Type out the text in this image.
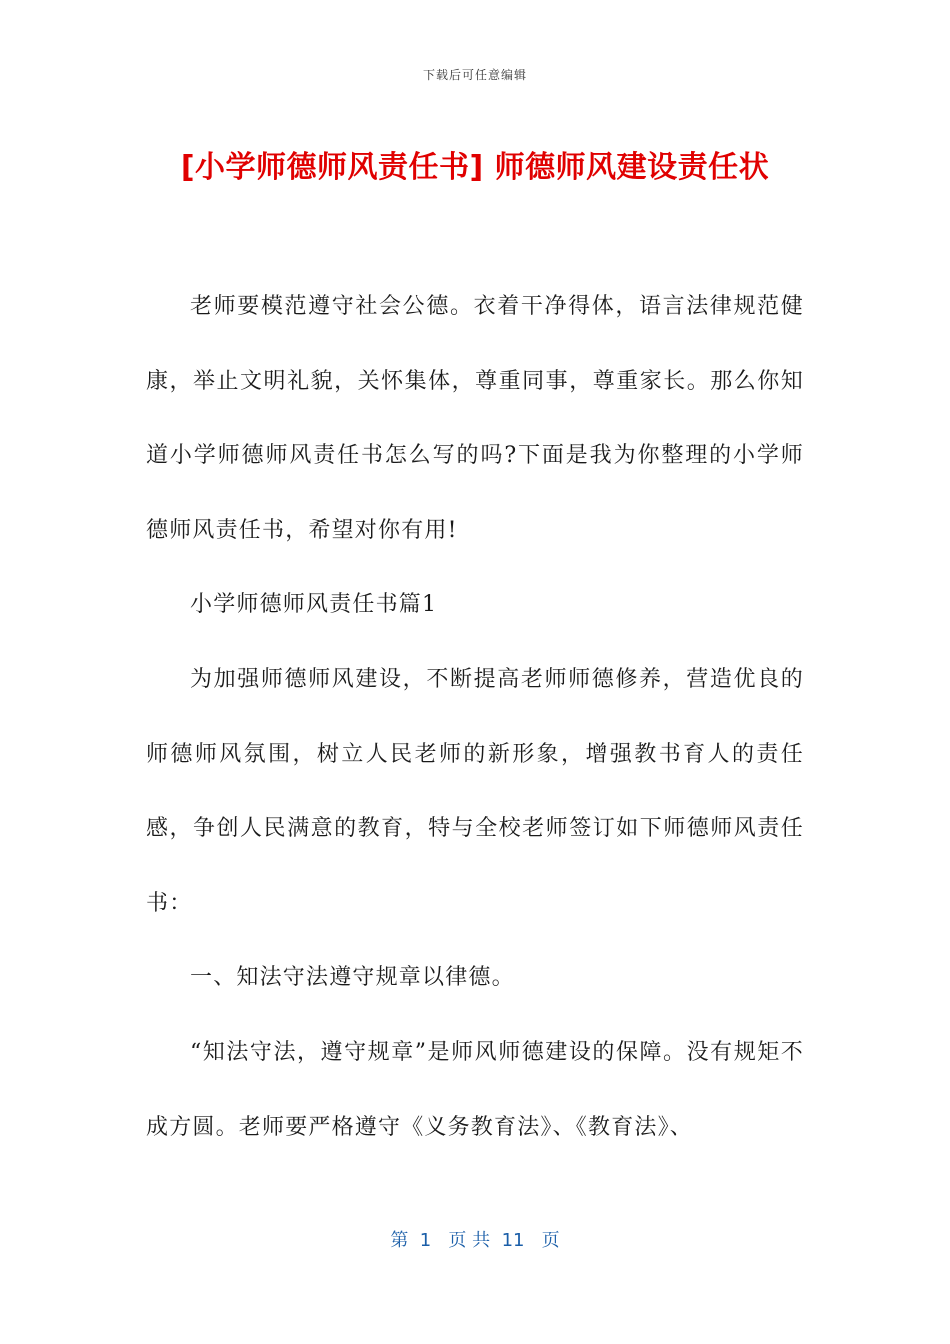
下载后可任意编辑
[小学师德师风责任书] 师德师风建设责任状

老师要模范遵守社会公德。衣着干净得体，语言法律规范健康，举止文明礼貌，关怀集体，尊重同事，尊重家长。那么你知道小学师德师风责任书怎么写的吗?下面是我为你整理的小学师德师风责任书，希望对你有用!

小学师德师风责任书篇1

为加强师德师风建设，不断提高老师师德修养，营造优良的师德师风氛围，树立人民老师的新形象，增强教书育人的责任感，争创人民满意的教育，特与全校老师签订如下师德师风责任书：

一、知法守法遵守规章以律德。

“知法守法，遵守规章”是师风师德建设的保障。没有规矩不成方圆。老师要严格遵守《义务教育法》、《教育法》、

第  1   页 共  11   页
